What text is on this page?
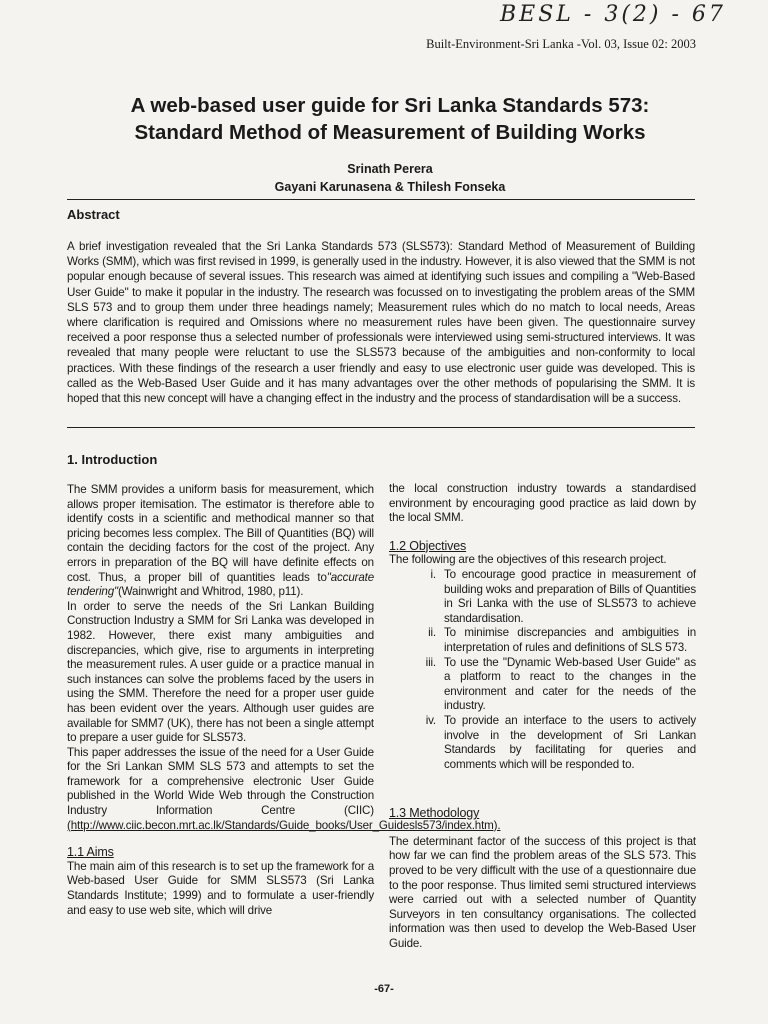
BESL - 3(2) - 67
Built-Environment-Sri Lanka -Vol. 03, Issue 02: 2003
A web-based user guide for Sri Lanka Standards 573:
Standard Method of Measurement of Building Works
Srinath Perera
Gayani Karunasena & Thilesh Fonseka
Abstract
A brief investigation revealed that the Sri Lanka Standards 573 (SLS573): Standard Method of Measurement of Building Works (SMM), which was first revised in 1999, is generally used in the industry. However, it is also viewed that the SMM is not popular enough because of several issues. This research was aimed at identifying such issues and compiling a "Web-Based User Guide" to make it popular in the industry. The research was focussed on to investigating the problem areas of the SMM SLS 573 and to group them under three headings namely; Measurement rules which do no match to local needs, Areas where clarification is required and Omissions where no measurement rules have been given. The questionnaire survey received a poor response thus a selected number of professionals were interviewed using semi-structured interviews. It was revealed that many people were reluctant to use the SLS573 because of the ambiguities and non-conformity to local practices. With these findings of the research a user friendly and easy to use electronic user guide was developed. This is called as the Web-Based User Guide and it has many advantages over the other methods of popularising the SMM. It is hoped that this new concept will have a changing effect in the industry and the process of standardisation will be a success.
1. Introduction

The SMM provides a uniform basis for measurement, which allows proper itemisation. The estimator is therefore able to identify costs in a scientific and methodical manner so that pricing becomes less complex. The Bill of Quantities (BQ) will contain the deciding factors for the cost of the project. Any errors in preparation of the BQ will have definite effects on cost. Thus, a proper bill of quantities leads to"accurate tendering"(Wainwright and Whitrod, 1980, p11).

In order to serve the needs of the Sri Lankan Building Construction Industry a SMM for Sri Lanka was developed in 1982. However, there exist many ambiguities and discrepancies, which give, rise to arguments in interpreting the measurement rules. A user guide or a practice manual in such instances can solve the problems faced by the users in using the SMM. Therefore the need for a proper user guide has been evident over the years. Although user guides are available for SMM7 (UK), there has not been a single attempt to prepare a user guide for SLS573.

This paper addresses the issue of the need for a User Guide for the Sri Lankan SMM SLS 573 and attempts to set the framework for a comprehensive electronic User Guide published in the World Wide Web through the Construction Industry Information Centre (CIIC) (http://www.ciic.becon.mrt.ac.lk/Standards/Guide_books/User_Guidesls573/index.htm).

1.1 Aims

The main aim of this research is to set up the framework for a Web-based User Guide for SMM SLS573 (Sri Lanka Standards Institute; 1999) and to formulate a user-friendly and easy to use web site, which will drive

the local construction industry towards a standardised environment by encouraging good practice as laid down by the local SMM.

1.2 Objectives

The following are the objectives of this research project.

i. To encourage good practice in measurement of building woks and preparation of Bills of Quantities in Sri Lanka with the use of SLS573 to achieve standardisation.
ii. To minimise discrepancies and ambiguities in interpretation of rules and definitions of SLS 573.
iii. To use the "Dynamic Web-based User Guide" as a platform to react to the changes in the environment and cater for the needs of the industry.
iv. To provide an interface to the users to actively involve in the development of Sri Lankan Standards by facilitating for queries and comments which will be responded to.

1.3 Methodology

The determinant factor of the success of this project is that how far we can find the problem areas of the SLS 573. This proved to be very difficult with the use of a questionnaire due to the poor response. Thus limited semi structured interviews were carried out with a selected number of Quantity Surveyors in ten consultancy organisations. The collected information was then used to develop the Web-Based User Guide.

-67-
